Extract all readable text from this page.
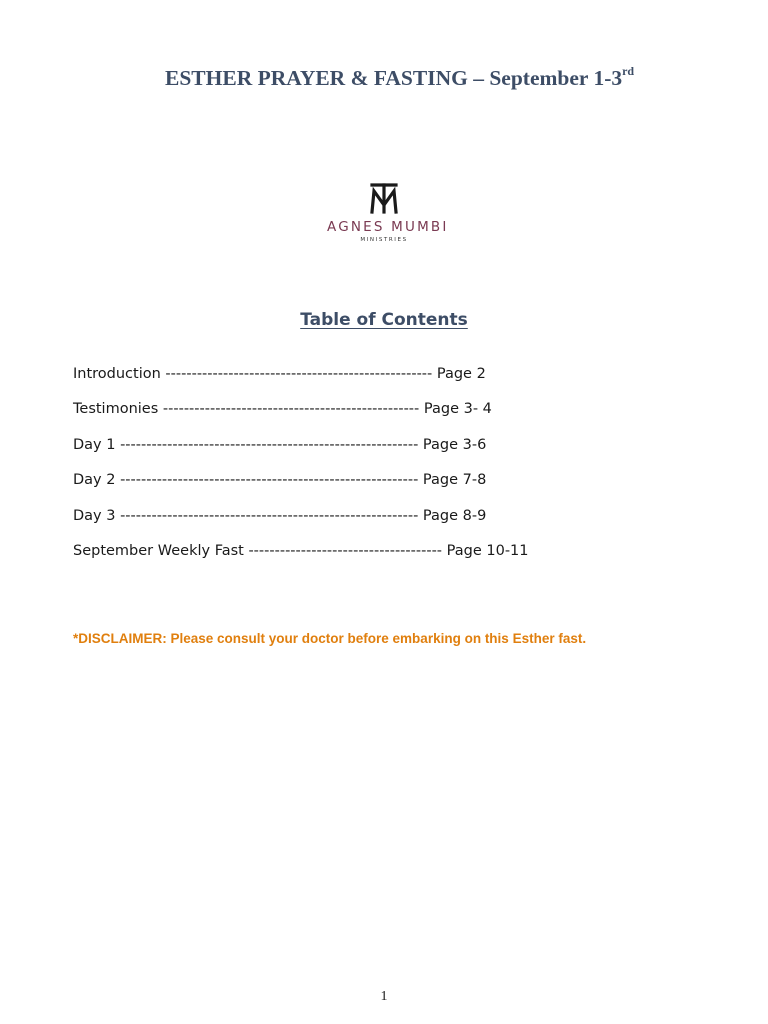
ESTHER PRAYER & FASTING – September 1-3rd
AGNES MUMBI
MINISTRIES
Table of Contents
Introduction --------------------------------------------------- Page 2
Testimonies ------------------------------------------------- Page 3- 4
Day 1 --------------------------------------------------------- Page 3-6
Day 2 --------------------------------------------------------- Page 7-8
Day 3 --------------------------------------------------------- Page 8-9
September Weekly Fast ------------------------------------- Page 10-11
*DISCLAIMER: Please consult your doctor before embarking on this Esther fast.
1
